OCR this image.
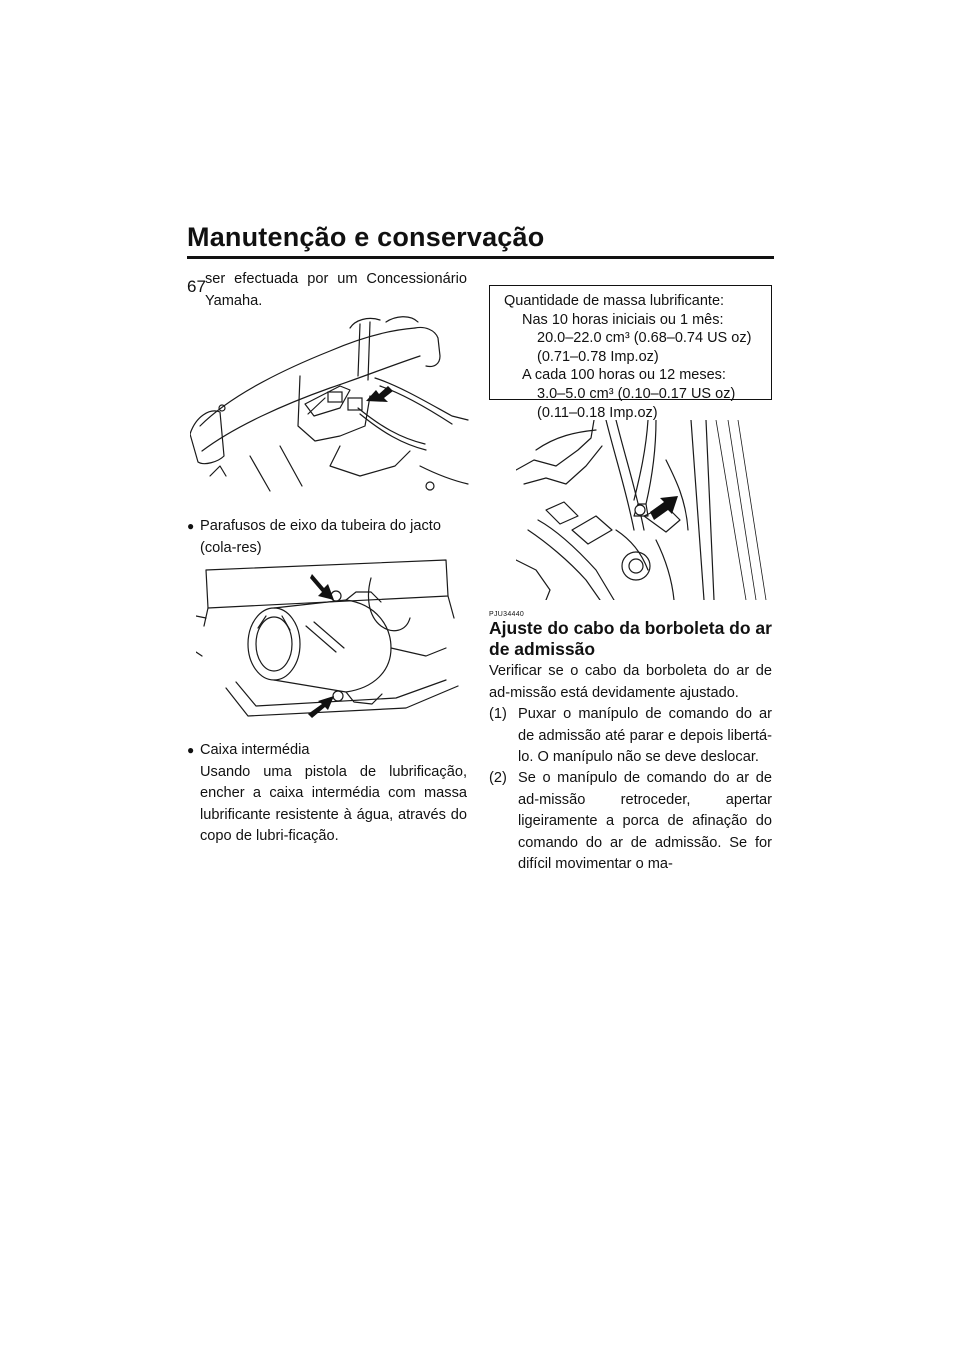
Manutenção e conservação
67 ser efectuada por um Concessionário Yamaha.
● Parafusos de eixo da tubeira do jacto (cola-res)
● Caixa intermédia
Usando uma pistola de lubrificação, encher a caixa intermédia com massa lubrificante resistente à água, através do copo de lubri-ficação.
Quantidade de massa lubrificante:
Nas 10 horas iniciais ou 1 mês:
20.0–22.0 cm³ (0.68–0.74 US oz)
(0.71–0.78 Imp.oz)
A cada 100 horas ou 12 meses:
3.0–5.0 cm³ (0.10–0.17 US oz)
(0.11–0.18 Imp.oz)
PJU34440
Ajuste do cabo da borboleta do ar de admissão
Verificar se o cabo da borboleta do ar de ad-missão está devidamente ajustado.
(1) Puxar o manípulo de comando do ar de admissão até parar e depois libertá-lo. O manípulo não se deve deslocar.
(2) Se o manípulo de comando do ar de ad-missão retroceder, apertar ligeiramente a porca de afinação do comando do ar de admissão. Se for difícil movimentar o ma-
